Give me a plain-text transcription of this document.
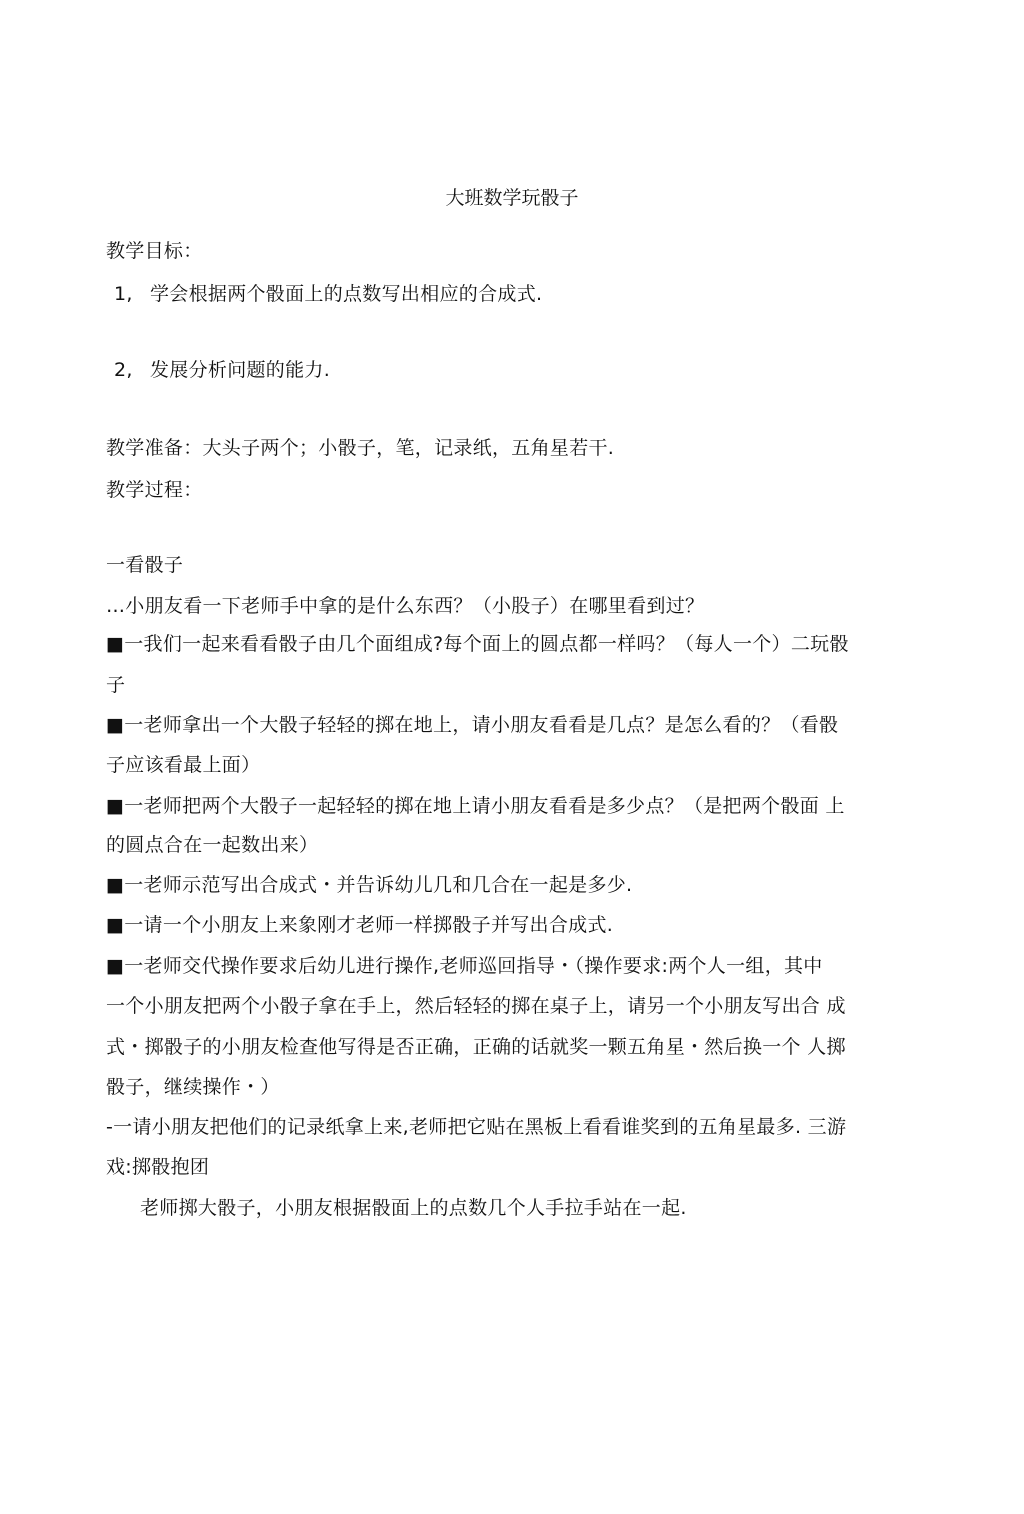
大班数学玩骰子
教学目标：
1, 学会根据两个骰面上的点数写出相应的合成式.
2, 发展分析问题的能力.
教学准备：大头子两个；小骰子，笔，记录纸，五角星若干.
教学过程：
一看骰子
…小朋友看一下老师手中拿的是什么东西？（小股子）在哪里看到过？
■一我们一起来看看骰子由几个面组成?每个面上的圆点都一样吗？（每人一个）二玩骰
子
■一老师拿出一个大骰子轻轻的掷在地上，请小朋友看看是几点？是怎么看的？（看骰
子应该看最上面）
■一老师把两个大骰子一起轻轻的掷在地上请小朋友看看是多少点？（是把两个骰面 上
的圆点合在一起数出来）
■一老师示范写出合成式・并告诉幼儿几和几合在一起是多少.
■一请一个小朋友上来象刚才老师一样掷骰子并写出合成式.
■一老师交代操作要求后幼儿进行操作,老师巡回指导・（操作要求:两个人一组，其中
一个小朋友把两个小骰子拿在手上，然后轻轻的掷在桌子上，请另一个小朋友写出合 成
式・掷骰子的小朋友检查他写得是否正确，正确的话就奖一颗五角星・然后换一个 人掷
骰子，继续操作・）
-一请小朋友把他们的记录纸拿上来,老师把它贴在黑板上看看谁奖到的五角星最多. 三游
戏:掷骰抱团
老师掷大骰子，小朋友根据骰面上的点数几个人手拉手站在一起.
